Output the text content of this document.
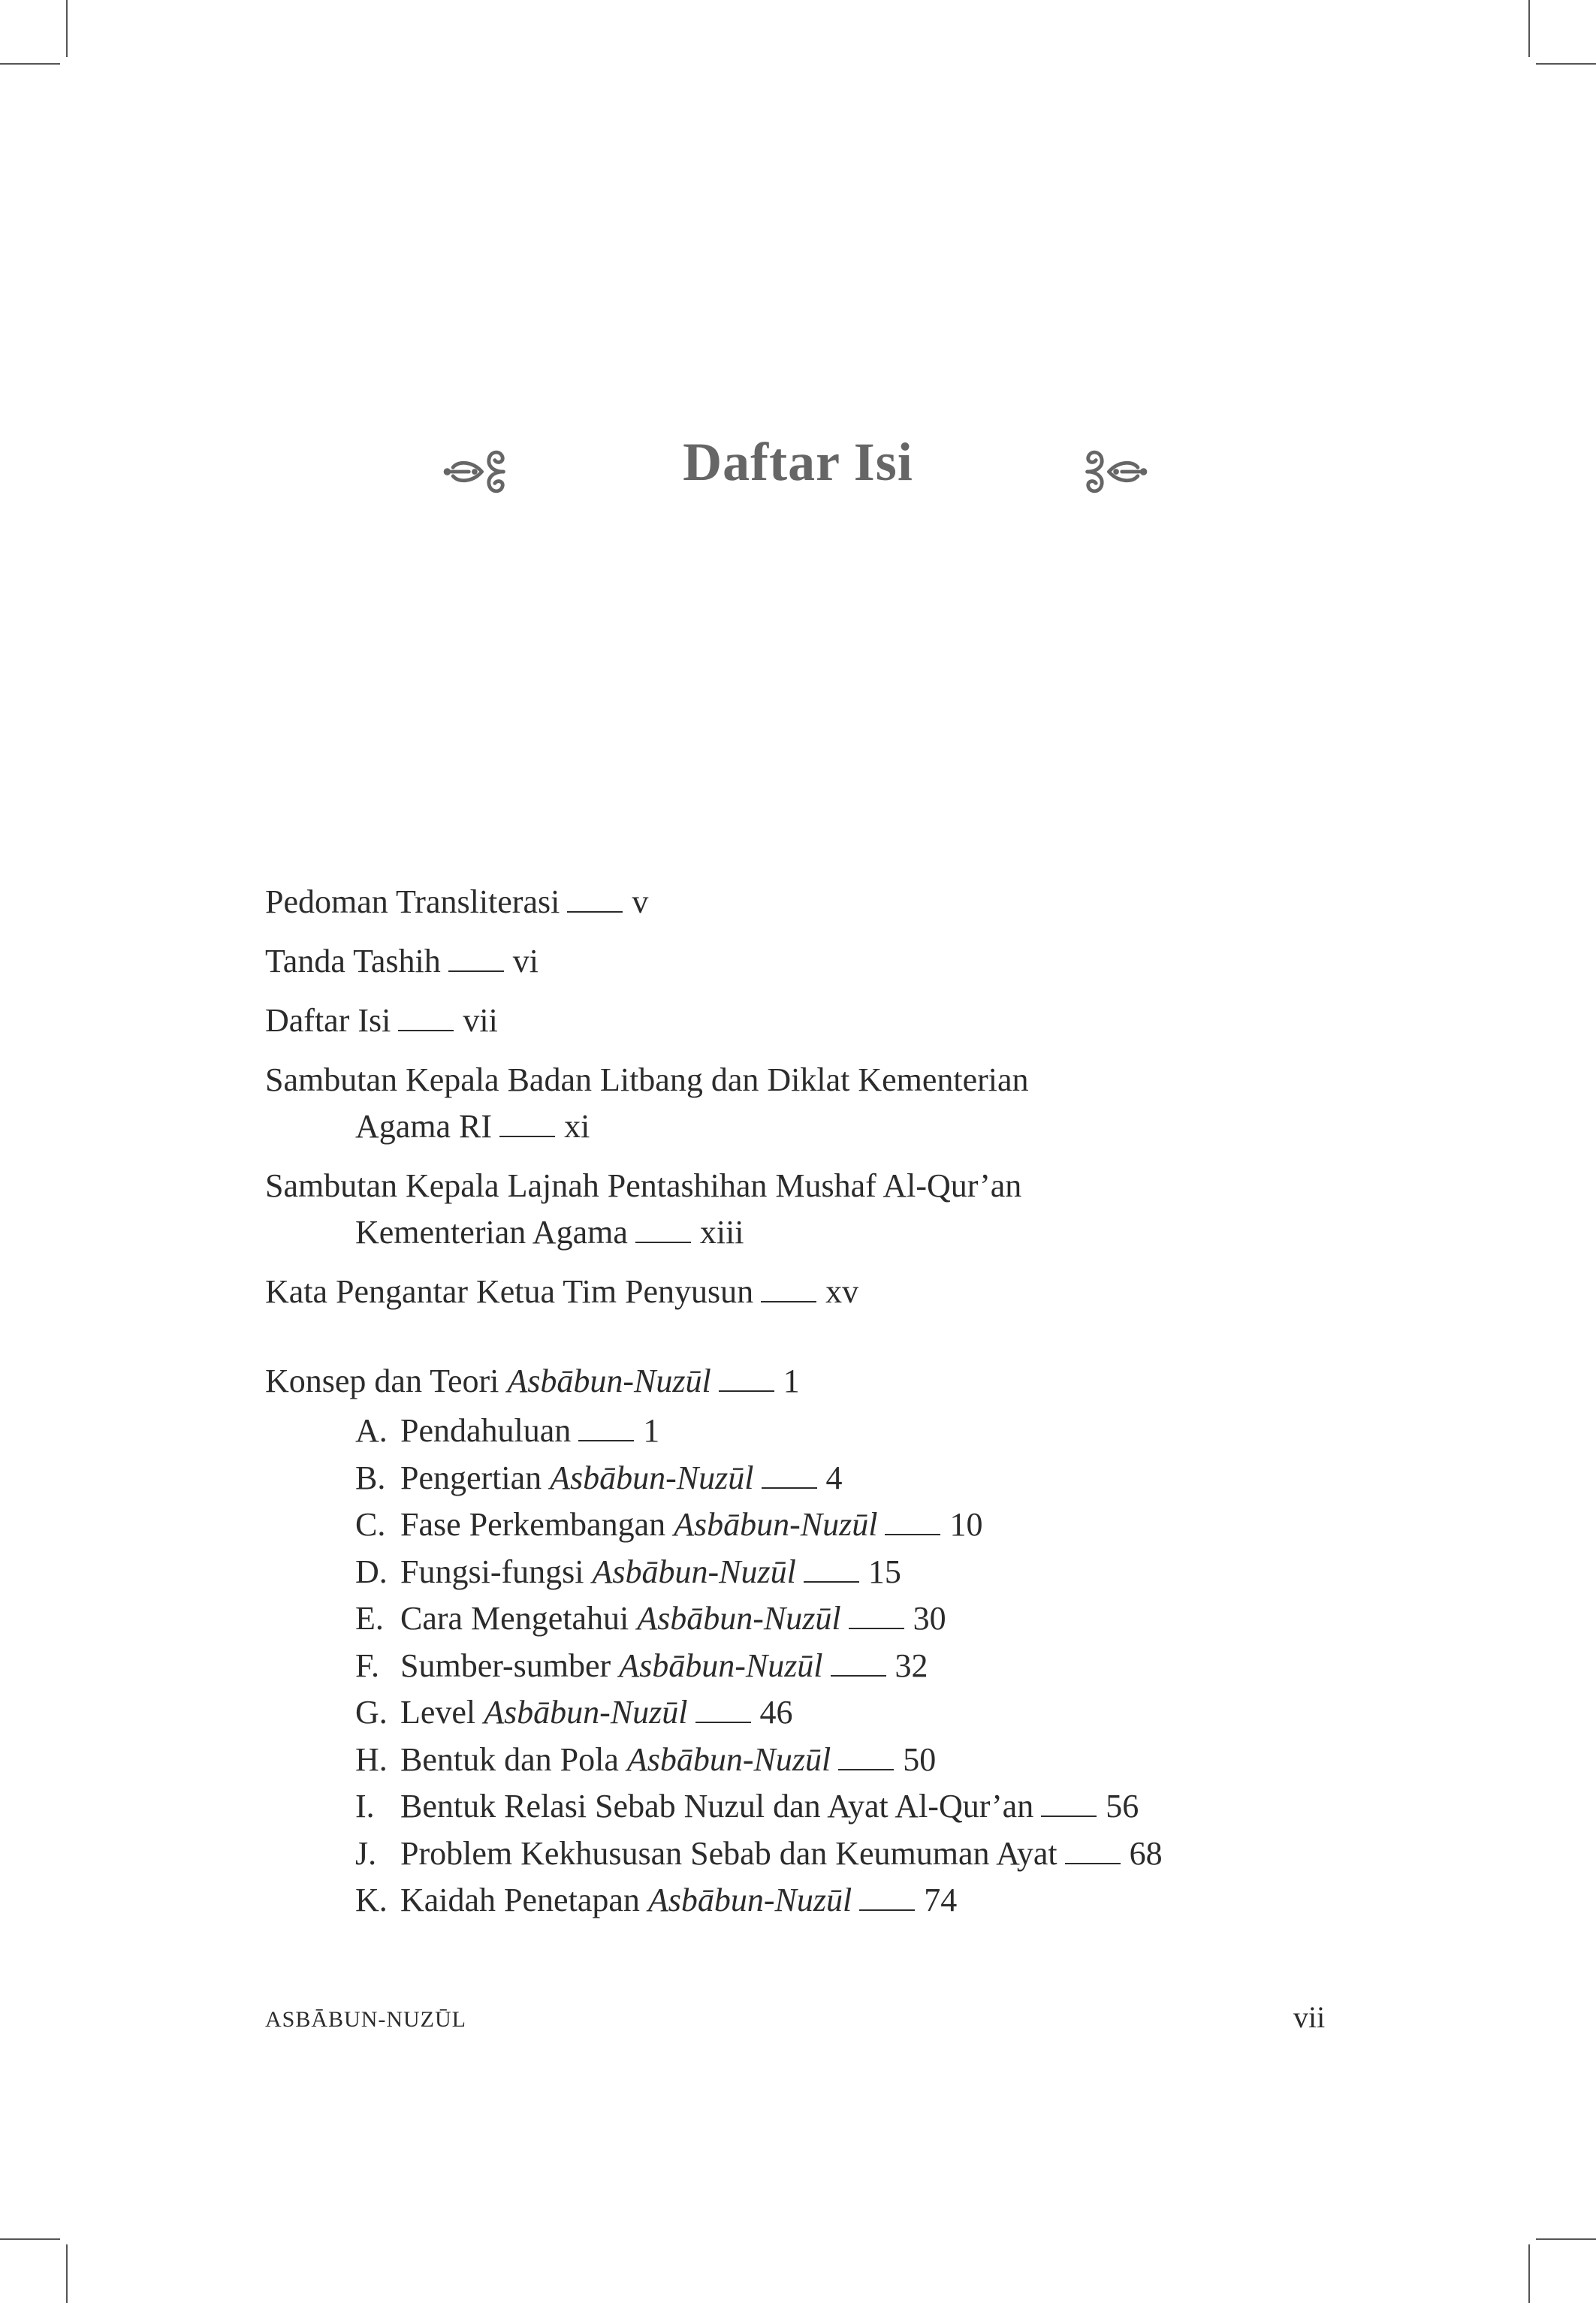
Daftar Isi
Pedoman Transliterasi v
Tanda Tashih vi
Daftar Isi vii
Sambutan Kepala Badan Litbang dan Diklat Kementerian
Agama RI xi
Sambutan Kepala Lajnah Pentashihan Mushaf Al-Qur’an
Kementerian Agama xiii
Kata Pengantar Ketua Tim Penyusun xv
Konsep dan Teori Asbābun-Nuzūl 1
A. Pendahuluan 1
B. Pengertian Asbābun-Nuzūl 4
C. Fase Perkembangan Asbābun-Nuzūl 10
D. Fungsi-fungsi Asbābun-Nuzūl 15
E. Cara Mengetahui Asbābun-Nuzūl 30
F. Sumber-sumber Asbābun-Nuzūl 32
G. Level Asbābun-Nuzūl 46
H. Bentuk dan Pola Asbābun-Nuzūl 50
I. Bentuk Relasi Sebab Nuzul dan Ayat Al-Qur’an 56
J. Problem Kekhususan Sebab dan Keumuman Ayat 68
K. Kaidah Penetapan Asbābun-Nuzūl 74
ASBĀBUN-NUZŪL	vii
